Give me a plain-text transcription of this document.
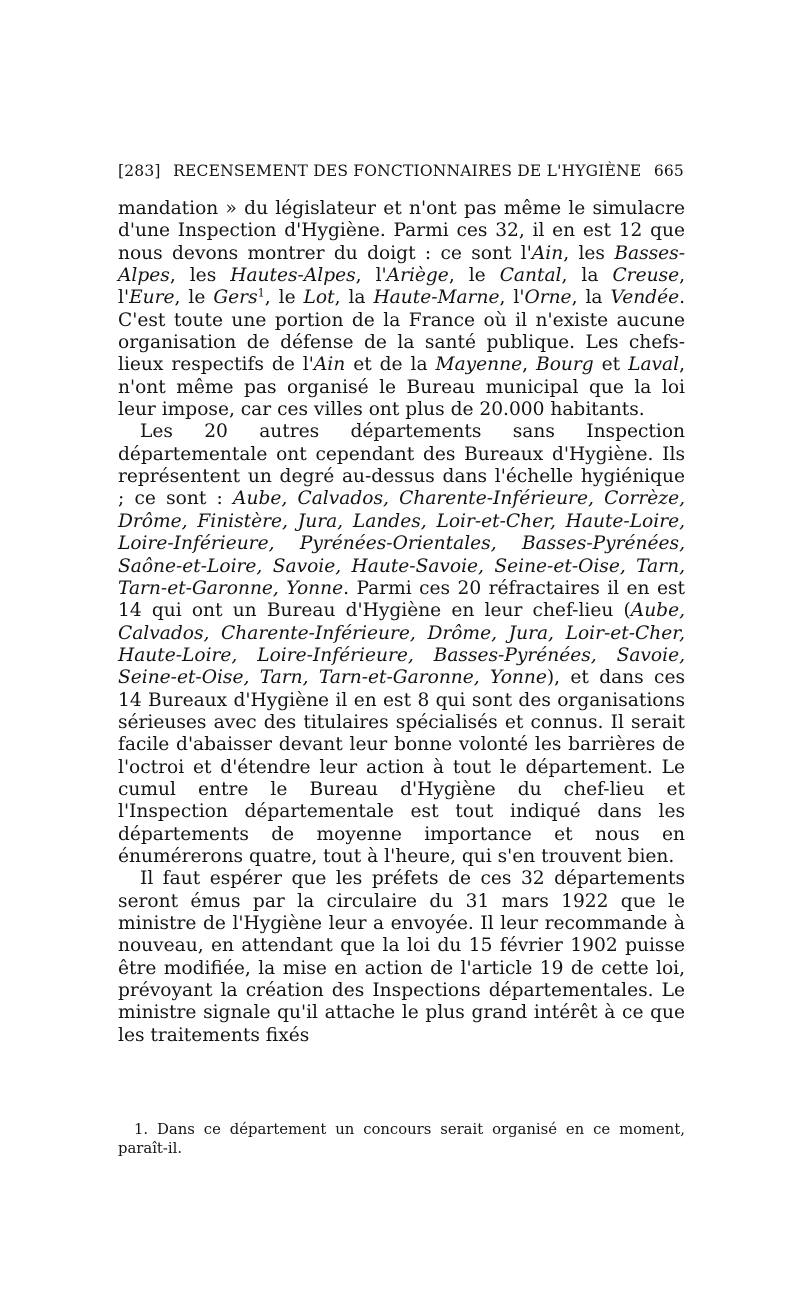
[283] RECENSEMENT DES FONCTIONNAIRES DE L'HYGIÈNE 665

mandation » du législateur et n'ont pas même le simulacre d'une Inspection d'Hygiène. Parmi ces 32, il en est 12 que nous devons montrer du doigt : ce sont l'Ain, les Basses-Alpes, les Hautes-Alpes, l'Ariège, le Cantal, la Creuse, l'Eure, le Gers$^1$, le Lot, la Haute-Marne, l'Orne, la Vendée. C'est toute une portion de la France où il n'existe aucune organisation de défense de la santé publique. Les chefs-lieux respectifs de l'Ain et de la Mayenne, Bourg et Laval, n'ont même pas organisé le Bureau municipal que la loi leur impose, car ces villes ont plus de 20.000 habitants.

Les 20 autres départements sans Inspection départementale ont cependant des Bureaux d'Hygiène. Ils représentent un degré au-dessus dans l'échelle hygiénique ; ce sont : Aube, Calvados, Charente-Inférieure, Corrèze, Drôme, Finistère, Jura, Landes, Loir-et-Cher, Haute-Loire, Loire-Inférieure, Pyrénées-Orientales, Basses-Pyrénées, Saône-et-Loire, Savoie, Haute-Savoie, Seine-et-Oise, Tarn, Tarn-et-Garonne, Yonne. Parmi ces 20 réfractaires il en est 14 qui ont un Bureau d'Hygiène en leur chef-lieu (Aube, Calvados, Charente-Inférieure, Drôme, Jura, Loir-et-Cher, Haute-Loire, Loire-Inférieure, Basses-Pyrénées, Savoie, Seine-et-Oise, Tarn, Tarn-et-Garonne, Yonne), et dans ces 14 Bureaux d'Hygiène il en est 8 qui sont des organisations sérieuses avec des titulaires spécialisés et connus. Il serait facile d'abaisser devant leur bonne volonté les barrières de l'octroi et d'étendre leur action à tout le département. Le cumul entre le Bureau d'Hygiène du chef-lieu et l'Inspection départementale est tout indiqué dans les départements de moyenne importance et nous en énumérerons quatre, tout à l'heure, qui s'en trouvent bien.

Il faut espérer que les préfets de ces 32 départements seront émus par la circulaire du 31 mars 1922 que le ministre de l'Hygiène leur a envoyée. Il leur recommande à nouveau, en attendant que la loi du 15 février 1902 puisse être modifiée, la mise en action de l'article 19 de cette loi, prévoyant la création des Inspections départementales. Le ministre signale qu'il attache le plus grand intérêt à ce que les traitements fixés

1. Dans ce département un concours serait organisé en ce moment, paraît-il.
